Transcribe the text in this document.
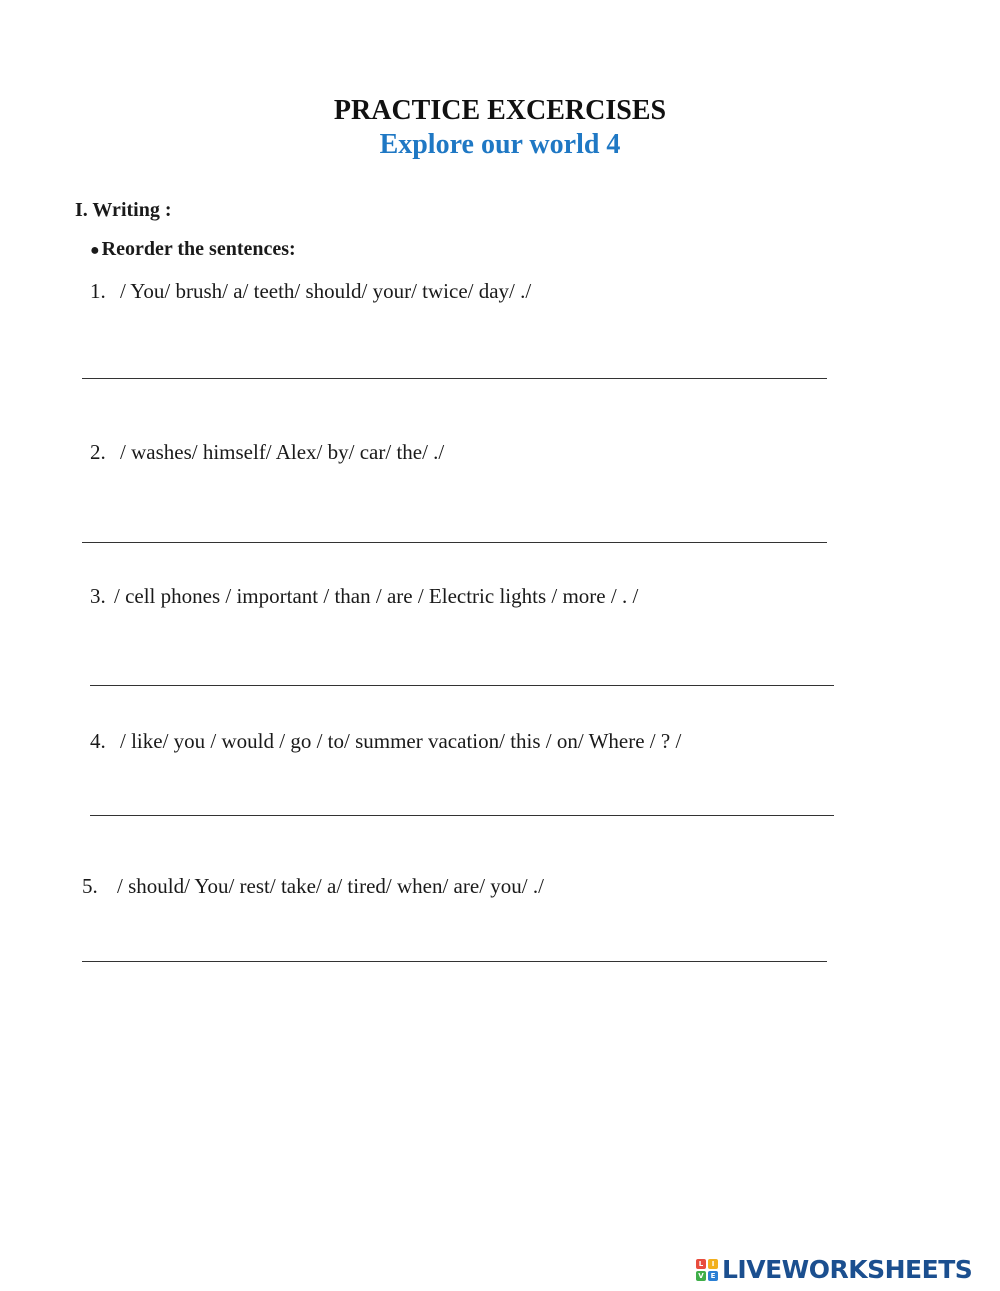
PRACTICE EXCERCISES
Explore our world 4
I. Writing :
● Reorder the sentences:
1. / You/ brush/ a/ teeth/ should/ your/ twice/ day/ ./
2. / washes/ himself/ Alex/ by/ car/ the/ ./
3. / cell phones / important / than / are / Electric lights / more / . /
4. / like/ you / would / go / to/ summer vacation/ this / on/ Where / ? /
5. / should/ You/ rest/ take/ a/ tired/ when/ are/ you/ ./
L	I
V E LIVEWORKSHEETS
